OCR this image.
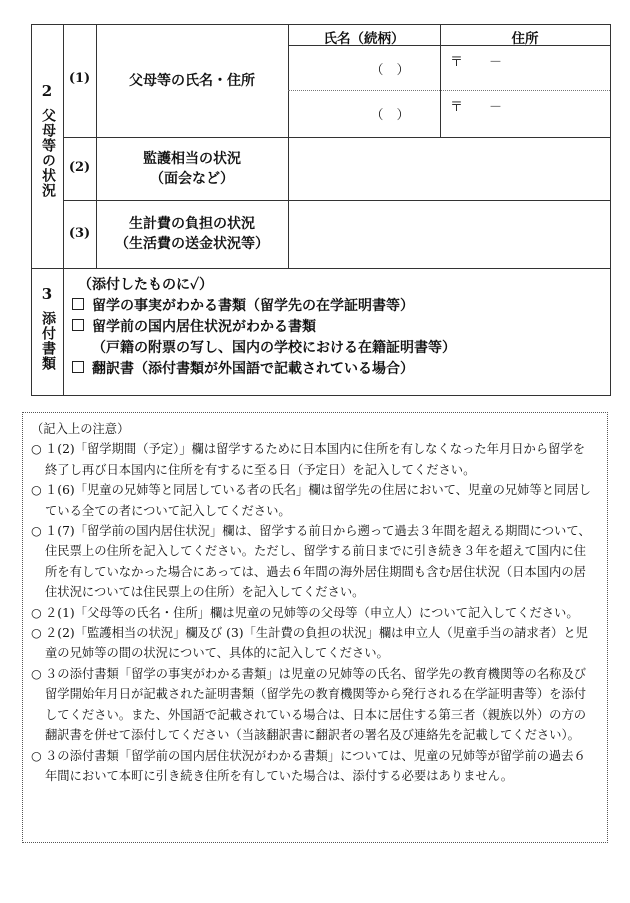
2
父母等の状況
氏名（続柄）	住所
(1)	父母等の氏名・住所
（　）
〒　　－
（　）
〒　　－
(2)
監護相当の状況
（面会など）
(3)
生計費の負担の状況
（生活費の送金状況等）
3
添付書類
（添付したものに✓）
留学の事実がわかる書類（留学先の在学証明書等）
留学前の国内居住状況がわかる書類
（戸籍の附票の写し、国内の学校における在籍証明書等）
翻訳書（添付書類が外国語で記載されている場合）
（記入上の注意）
○ １(2)「留学期間（予定）」欄は留学するために日本国内に住所を有しなくなった年月日から留学を終了し再び日本国内に住所を有するに至る日（予定日）を記入してください。
○ １(6)「児童の兄姉等と同居している者の氏名」欄は留学先の住居において、児童の兄姉等と同居している全ての者について記入してください。
○ １(7)「留学前の国内居住状況」欄は、留学する前日から遡って過去３年間を超える期間について、住民票上の住所を記入してください。ただし、留学する前日までに引き続き３年を超えて国内に住所を有していなかった場合にあっては、過去６年間の海外居住期間も含む居住状況（日本国内の居住状況については住民票上の住所）を記入してください。
○ ２(1)「父母等の氏名・住所」欄は児童の兄姉等の父母等（申立人）について記入してください。
○ ２(2)「監護相当の状況」欄及び (3)「生計費の負担の状況」欄は申立人（児童手当の請求者）と児童の兄姉等の間の状況について、具体的に記入してください。
○ ３の添付書類「留学の事実がわかる書類」は児童の兄姉等の氏名、留学先の教育機関等の名称及び留学開始年月日が記載された証明書類（留学先の教育機関等から発行される在学証明書等）を添付してください。また、外国語で記載されている場合は、日本に居住する第三者（親族以外）の方の翻訳書を併せて添付してください（当該翻訳書に翻訳者の署名及び連絡先を記載してください）。
○ ３の添付書類「留学前の国内居住状況がわかる書類」については、児童の兄姉等が留学前の過去６年間において本町に引き続き住所を有していた場合は、添付する必要はありません。
